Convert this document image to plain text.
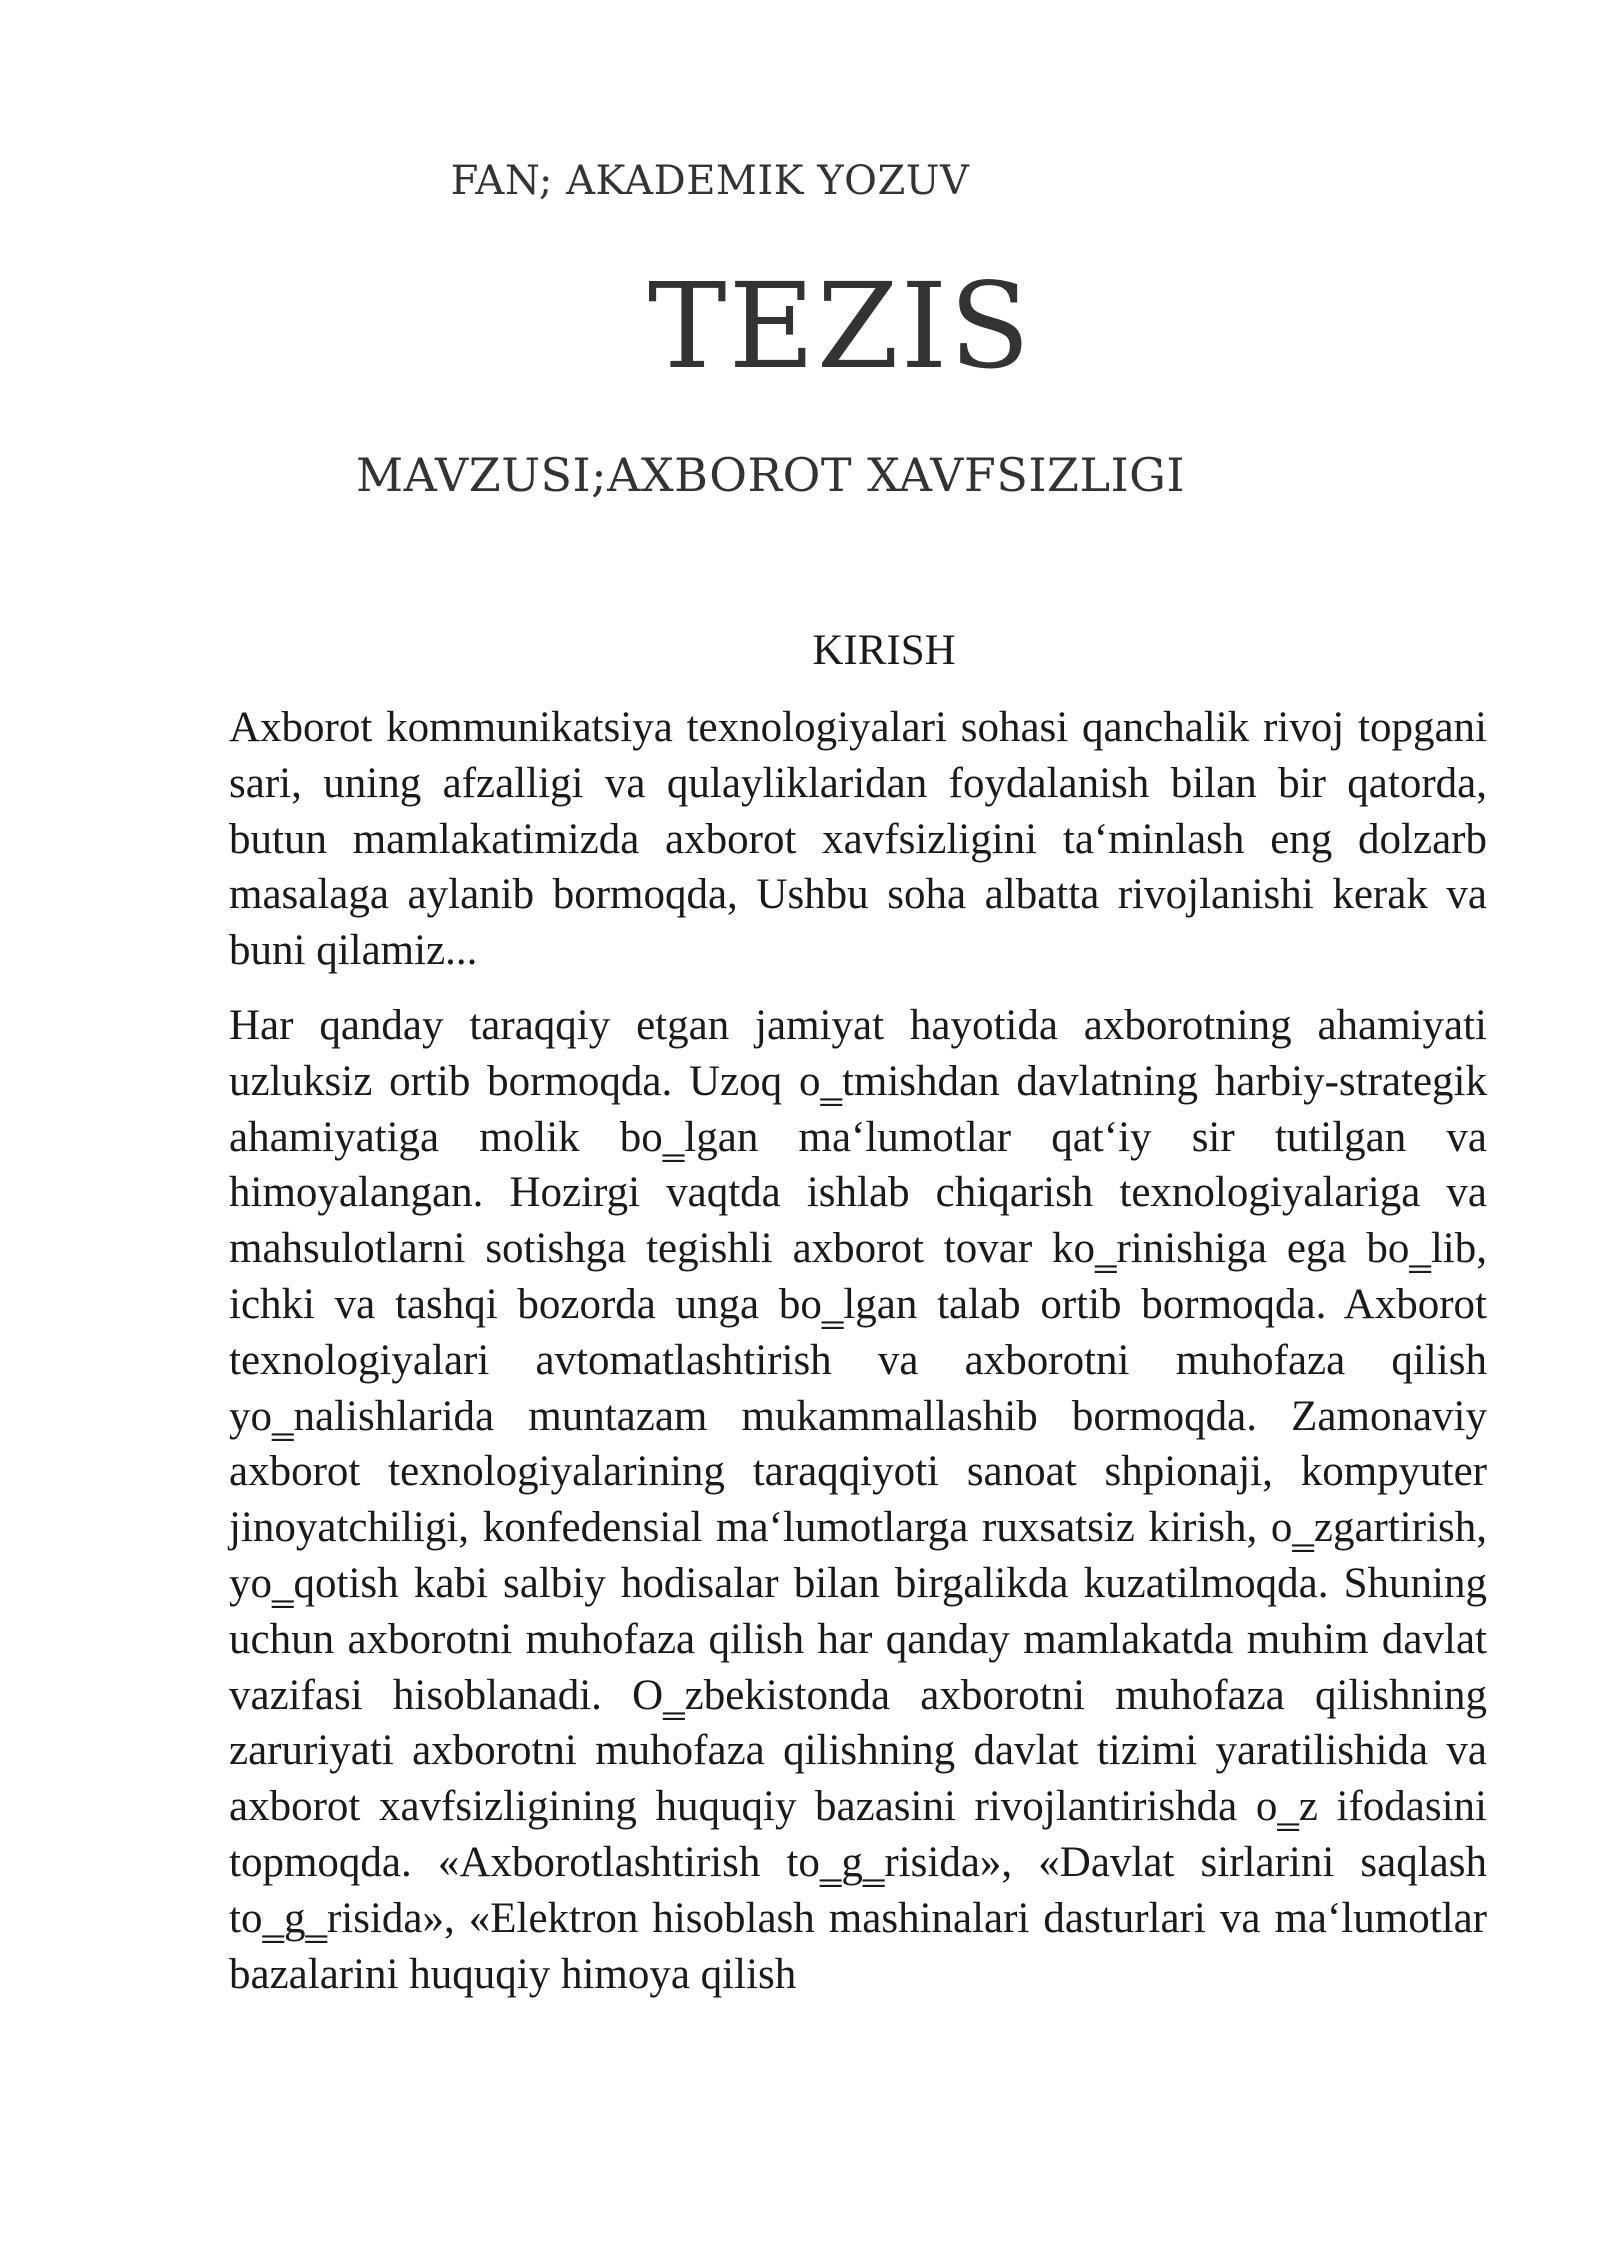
FAN; AKADEMIK YOZUV
TEZIS
MAVZUSI;AXBOROT XAVFSIZLIGI
KIRISH

Axborot kommunikatsiya texnologiyalari sohasi qanchalik rivoj topgani sari, uning afzalligi va qulayliklaridan foydalanish bilan bir qatorda, butun mamlakatimizda axborot xavfsizligini taʻminlash eng dolzarb masalaga aylanib bormoqda, Ushbu soha albatta rivojlanishi kerak va buni qilamiz...

Har qanday taraqqiy etgan jamiyat hayotida axborotning ahamiyati uzluksiz ortib bormoqda. Uzoq o‗tmishdan davlatning harbiy-strategik ahamiyatiga molik bo‗lgan maʻlumotlar qatʻiy sir tutilgan va himoyalangan. Hozirgi vaqtda ishlab chiqarish texnologiyalariga va mahsulotlarni sotishga tegishli axborot tovar ko‗rinishiga ega bo‗lib, ichki va tashqi bozorda unga bo‗lgan talab ortib bormoqda. Axborot texnologiyalari avtomatlashtirish va axborotni muhofaza qilish yo‗nalishlarida muntazam mukammallashib bormoqda. Zamonaviy axborot texnologiyalarining taraqqiyoti sanoat shpionaji, kompyuter jinoyatchiligi, konfedensial maʻlumotlarga ruxsatsiz kirish, o‗zgartirish, yo‗qotish kabi salbiy hodisalar bilan birgalikda kuzatilmoqda. Shuning uchun axborotni muhofaza qilish har qanday mamlakatda muhim davlat vazifasi hisoblanadi. O‗zbekistonda axborotni muhofaza qilishning zaruriyati axborotni muhofaza qilishning davlat tizimi yaratilishida va axborot xavfsizligining huquqiy bazasini rivojlantirishda o‗z ifodasini topmoqda. «Axborotlashtirish to‗g‗risida», «Davlat sirlarini saqlash to‗g‗risida», «Elektron hisoblash mashinalari dasturlari va maʻlumotlar bazalarini huquqiy himoya qilish
